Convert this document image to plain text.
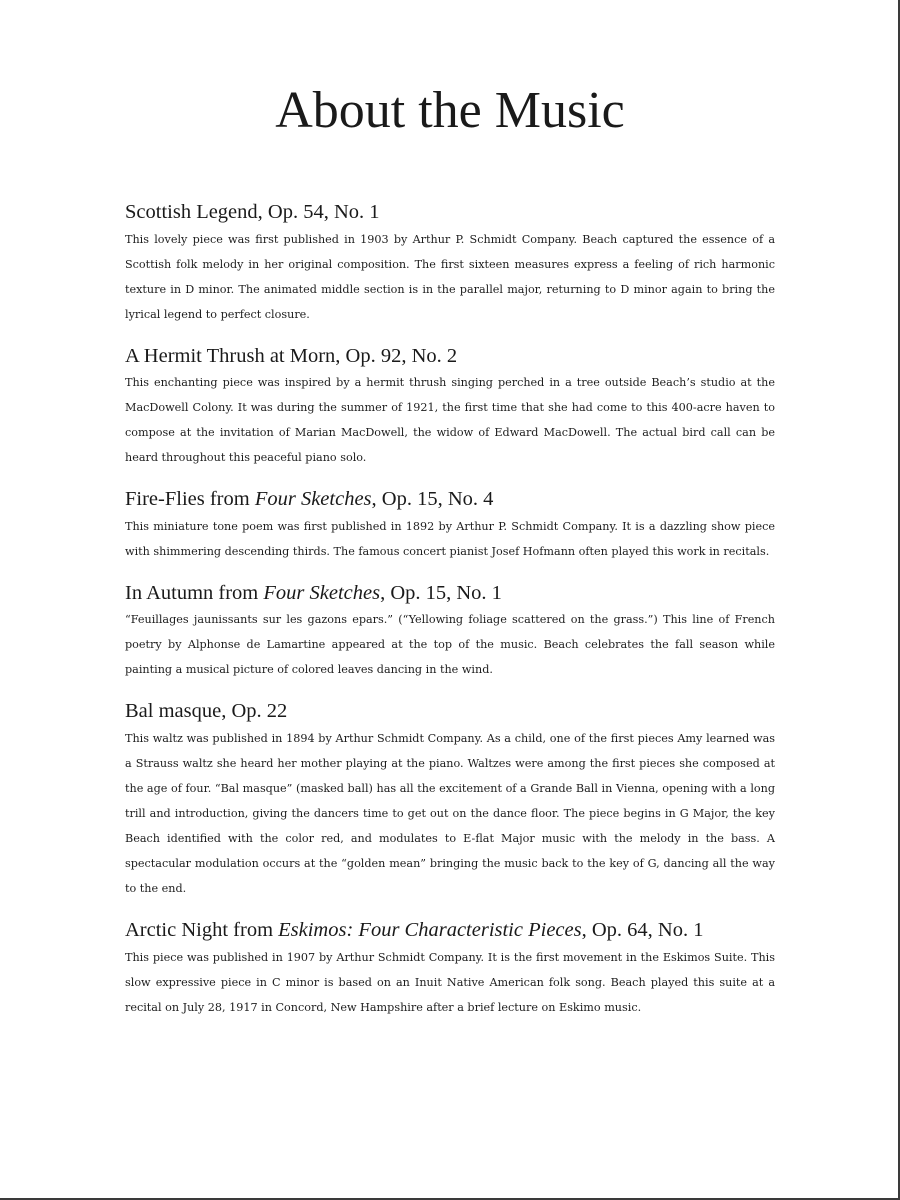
About the Music
Scottish Legend, Op. 54, No. 1

This lovely piece was first published in 1903 by Arthur P. Schmidt Company. Beach captured the essence of a Scottish folk melody in her original composition. The first sixteen measures express a feeling of rich harmonic texture in D minor. The animated middle section is in the parallel major, returning to D minor again to bring the lyrical legend to perfect closure.

A Hermit Thrush at Morn, Op. 92, No. 2

This enchanting piece was inspired by a hermit thrush singing perched in a tree outside Beach’s studio at the MacDowell Colony. It was during the summer of 1921, the first time that she had come to this 400-acre haven to compose at the invitation of Marian MacDowell, the widow of Edward MacDowell. The actual bird call can be heard throughout this peaceful piano solo.

Fire-Flies from Four Sketches, Op. 15, No. 4

This miniature tone poem was first published in 1892 by Arthur P. Schmidt Company. It is a dazzling show piece with shimmering descending thirds. The famous concert pianist Josef Hofmann often played this work in recitals.

In Autumn from Four Sketches, Op. 15, No. 1

“Feuillages jaunissants sur les gazons epars.” (“Yellowing foliage scattered on the grass.”) This line of French poetry by Alphonse de Lamartine appeared at the top of the music. Beach celebrates the fall season while painting a musical picture of colored leaves dancing in the wind.

Bal masque, Op. 22

This waltz was published in 1894 by Arthur Schmidt Company. As a child, one of the first pieces Amy learned was a Strauss waltz she heard her mother playing at the piano. Waltzes were among the first pieces she composed at the age of four. “Bal masque” (masked ball) has all the excitement of a Grande Ball in Vienna, opening with a long trill and introduction, giving the dancers time to get out on the dance floor. The piece begins in G Major, the key Beach identified with the color red, and modulates to E-flat Major music with the melody in the bass. A spectacular modulation occurs at the “golden mean” bringing the music back to the key of G, dancing all the way to the end.

Arctic Night from Eskimos: Four Characteristic Pieces, Op. 64, No. 1

This piece was published in 1907 by Arthur Schmidt Company. It is the first movement in the Eskimos Suite. This slow expressive piece in C minor is based on an Inuit Native American folk song. Beach played this suite at a recital on July 28, 1917 in Concord, New Hampshire after a brief lecture on Eskimo music.
